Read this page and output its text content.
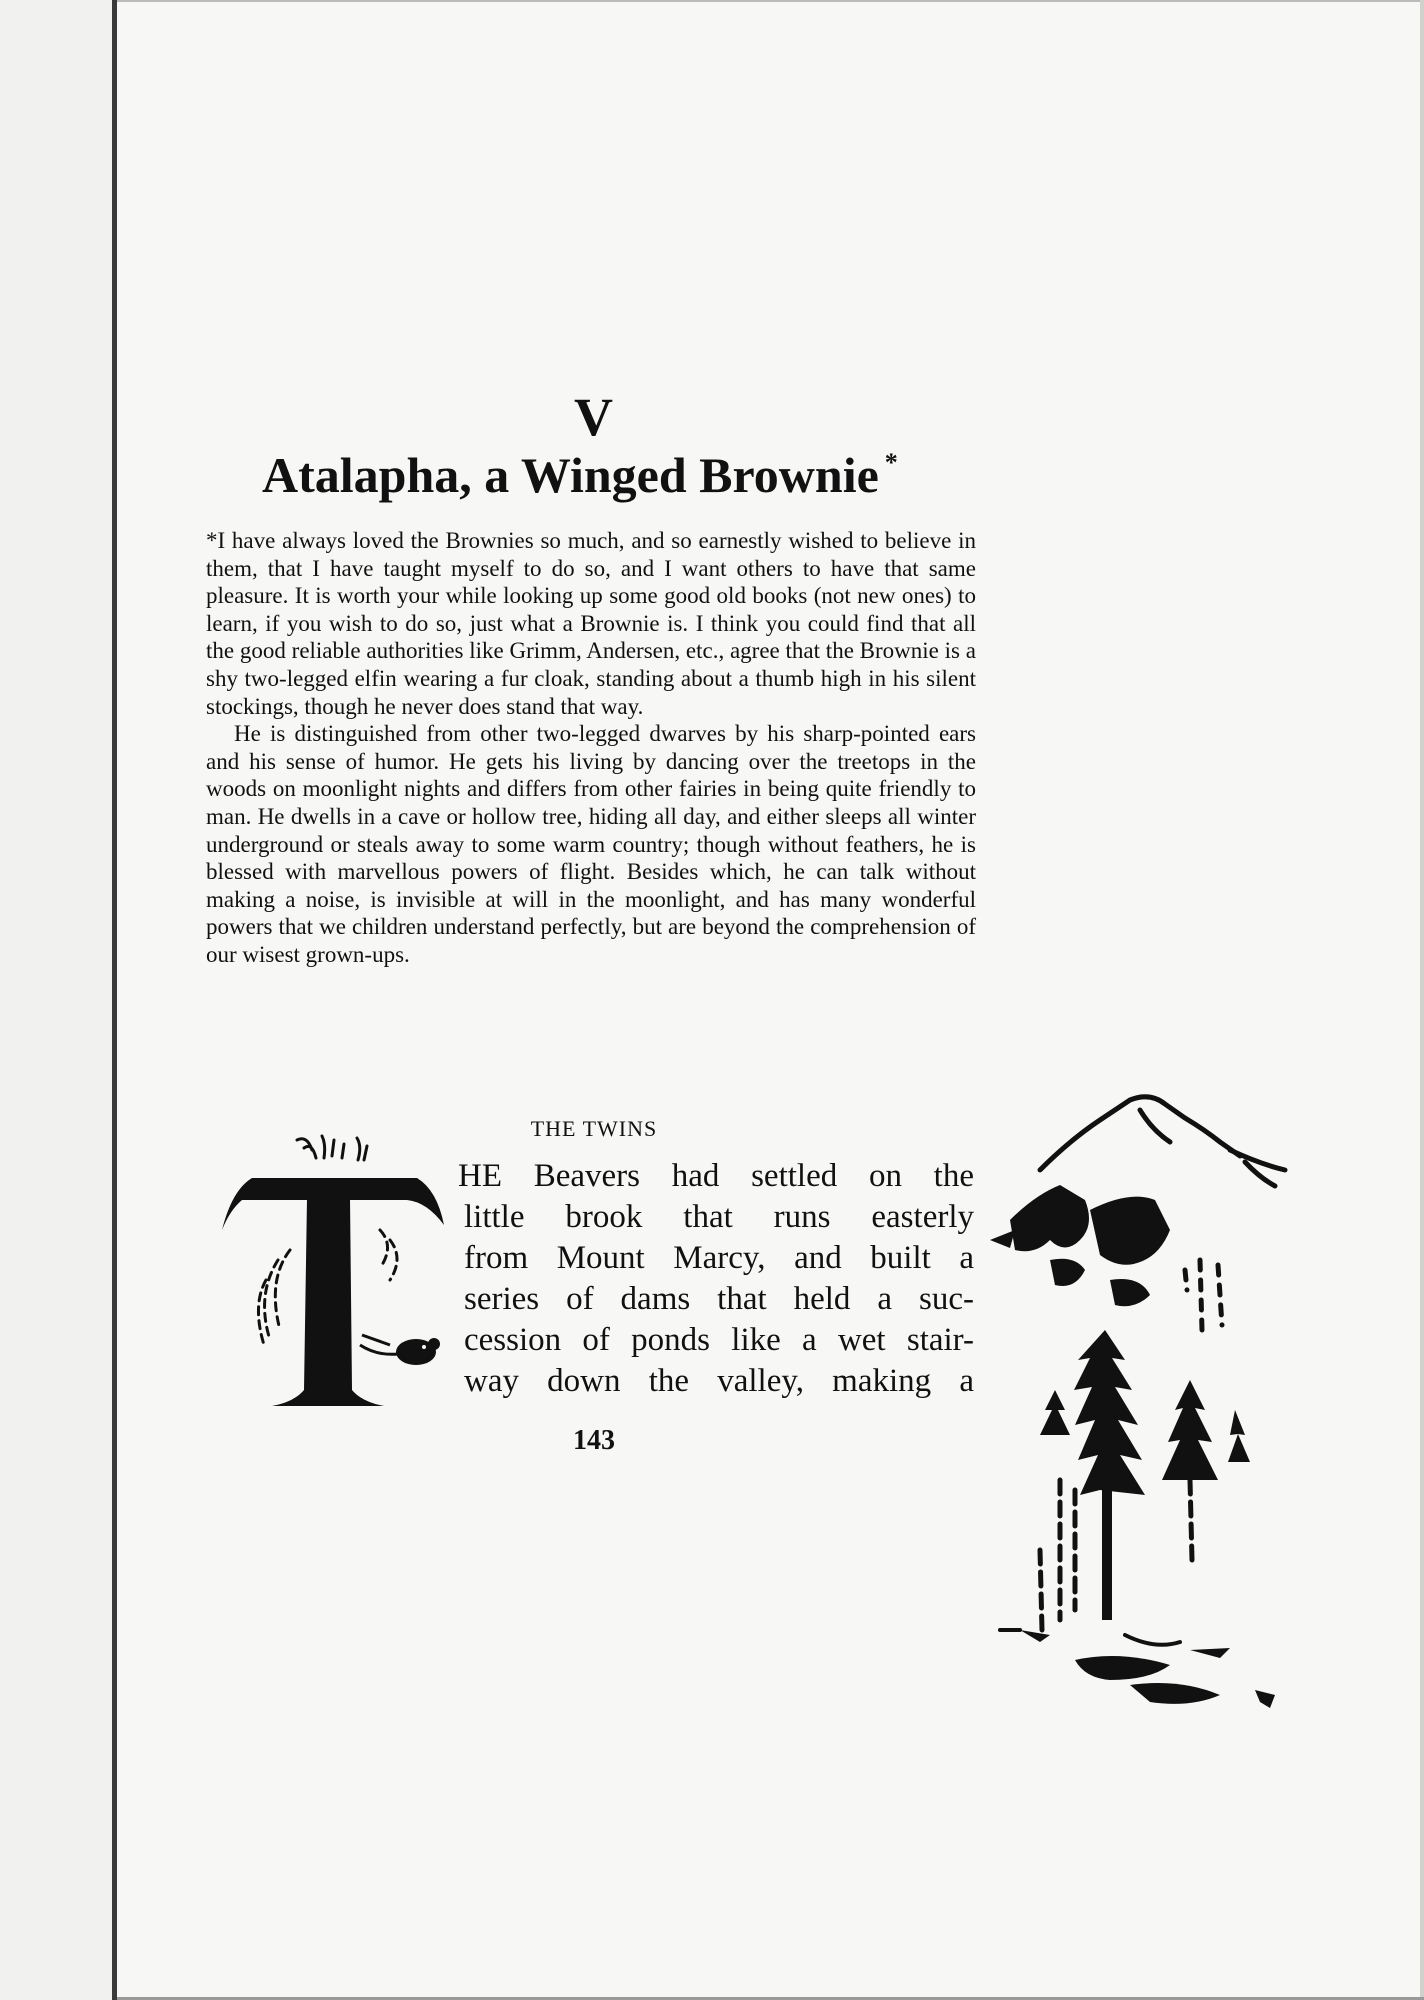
V
Atalapha, a Winged Brownie *

*I have always loved the Brownies so much, and so earnestly wished to believe in them, that I have taught myself to do so, and I want others to have that same pleasure. It is worth your while looking up some good old books (not new ones) to learn, if you wish to do so, just what a Brownie is. I think you could find that all the good reliable authorities like Grimm, Andersen, etc., agree that the Brownie is a shy two-legged elfin wearing a fur cloak, standing about a thumb high in his silent stockings, though he never does stand that way.

He is distinguished from other two-legged dwarves by his sharp-pointed ears and his sense of humor. He gets his living by dancing over the treetops in the woods on moonlight nights and differs from other fairies in being quite friendly to man. He dwells in a cave or hollow tree, hiding all day, and either sleeps all winter underground or steals away to some warm country; though without feathers, he is blessed with marvellous powers of flight. Besides which, he can talk without making a noise, is invisible at will in the moonlight, and has many wonderful powers that we children understand perfectly, but are beyond the comprehension of our wisest grown-ups.

THE TWINS
HE Beavers had settled on the
little brook that runs easterly
from Mount Marcy, and built a
series of dams that held a suc-
cession of ponds like a wet stair-
way down the valley, making a
143
